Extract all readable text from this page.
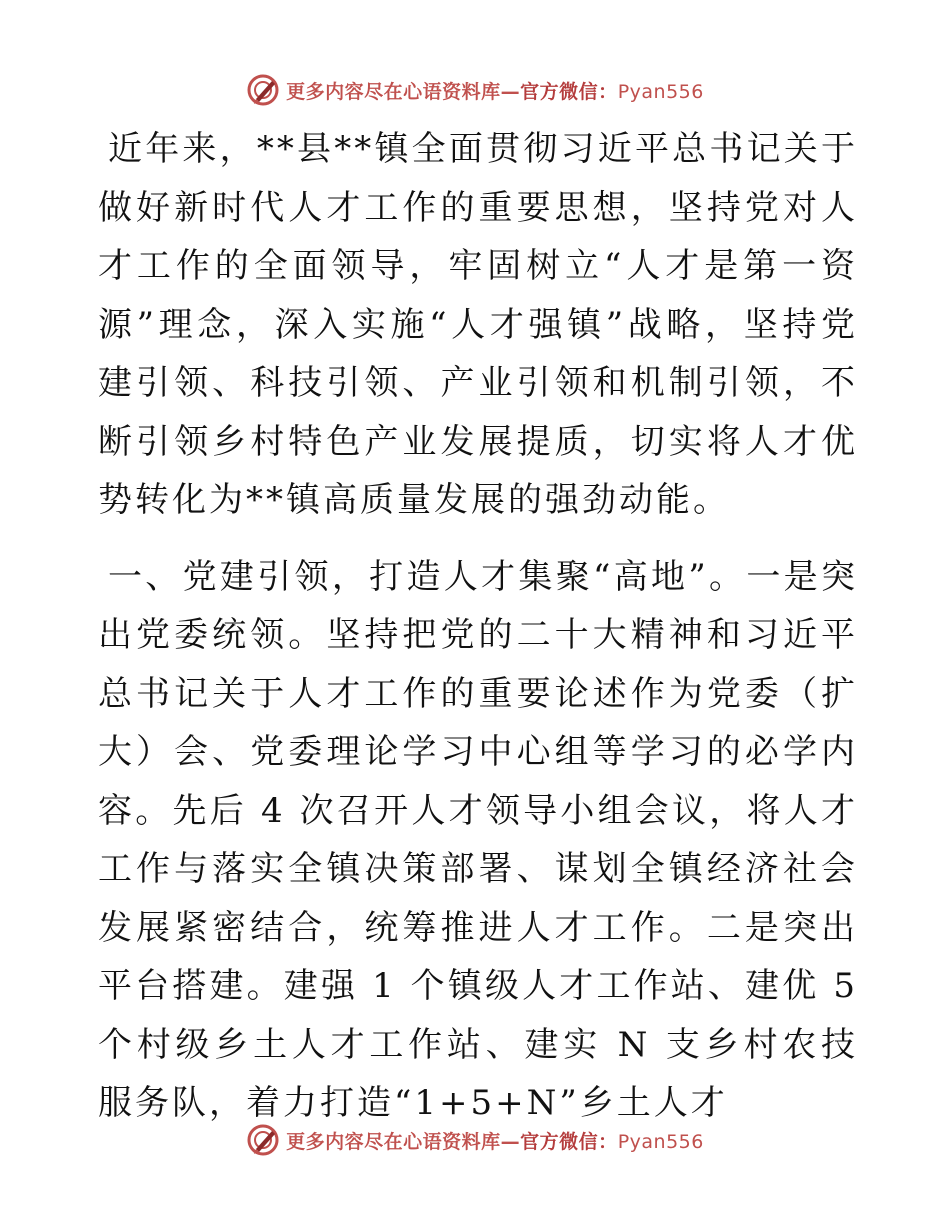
更多内容尽在心语资料库—官方微信：Pyan556

近年来，**县**镇全面贯彻习近平总书记关于做好新时代人才工作的重要思想，坚持党对人才工作的全面领导，牢固树立“人才是第一资源”理念，深入实施“人才强镇”战略，坚持党建引领、科技引领、产业引领和机制引领，不断引领乡村特色产业发展提质，切实将人才优势转化为**镇高质量发展的强劲动能。

一、党建引领，打造人才集聚“高地”。一是突出党委统领。坚持把党的二十大精神和习近平总书记关于人才工作的重要论述作为党委（扩大）会、党委理论学习中心组等学习的必学内容。先后 4 次召开人才领导小组会议，将人才工作与落实全镇决策部署、谋划全镇经济社会发展紧密结合，统筹推进人才工作。二是突出平台搭建。建强 1 个镇级人才工作站、建优 5 个村级乡土人才工作站、建实 N 支乡村农技服务队，着力打造“1+5+N”乡土人才

更多内容尽在心语资料库—官方微信：Pyan556
